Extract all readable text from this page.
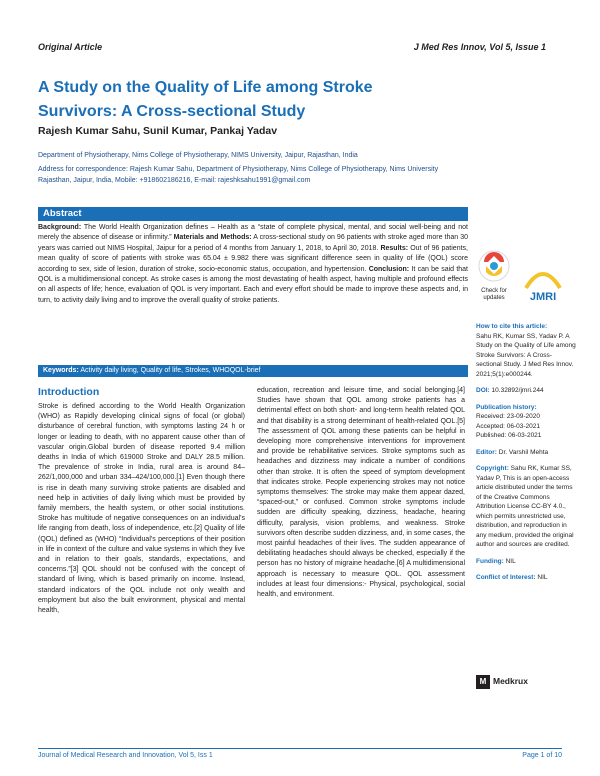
Original Article	J Med Res Innov, Vol 5, Issue 1
A Study on the Quality of Life among Stroke Survivors: A Cross-sectional Study
Rajesh Kumar Sahu, Sunil Kumar, Pankaj Yadav
Department of Physiotherapy, Nims College of Physiotherapy, NIMS University, Jaipur, Rajasthan, India
Address for correspondence: Rajesh Kumar Sahu, Department of Physiotherapy, Nims College of Physiotherapy, Nims University Rajasthan, Jaipur, India, Mobile: +918602186216, E-mail: rajeshksahu1991@gmail.com
Abstract
Background: The World Health Organization defines – Health as a “state of complete physical, mental, and social well-being and not merely the absence of disease or infirmity.” Materials and Methods: A cross-sectional study on 96 patients with stroke aged more than 30 years was carried out NIMS Hospital, Jaipur for a period of 4 months from January 1, 2018, to April 30, 2018. Results: Out of 96 patients, mean quality of score of patients with stroke was 65.04 ± 9.982 there was significant difference seen in quality of life (QOL) score according to sex, side of lesion, duration of stroke, socio-economic status, occupation, and hypertension. Conclusion: It can be said that QOL is a multidimensional concept. As stroke cases is among the most devastating of health aspect, having multiple and profound effects on all aspects of life; hence, evaluation of QOL is very important. Each and every effort should be made to improve these aspects and, in turn, to activity daily living and to improve the overall quality of stroke patients.
Keywords: Activity daily living, Quality of life, Strokes, WHOQOL-brief
Check for
updates JMRI
How to cite this article:
Sahu RK, Kumar SS, Yadav P. A Study on the Quality of Life among Stroke Survivors: A Cross-sectional Study. J Med Res Innov. 2021;5(1):e000244.
DOI: 10.32892/jmri.244
Publication history:
Received: 23-09-2020
Accepted: 06-03-2021
Published: 06-03-2021
Editor: Dr. Varshil Mehta
Copyright: Sahu RK, Kumar SS, Yadav P, This is an open-access article distributed under the terms of the Creative Commons Attribution License CC-BY 4.0., which permits unrestricted use, distribution, and reproduction in any medium, provided the original author and sources are credited.
Funding: NIL
Conflict of Interest: NIL
M Medkrux
Introduction
Stroke is defined according to the World Health Organization (WHO) as Rapidly developing clinical signs of focal (or global) disturbance of cerebral function, with symptoms lasting 24 h or longer or leading to death, with no apparent cause other than of vascular origin.Global burden of disease reported 9.4 million deaths in India of which 619000 Stroke and DALY 28.5 million. The prevalence of stroke in India, rural area is around 84–262/1,000,000 and urban 334–424/100,000.[1] Even though there is rise in death many surviving stroke patients are disabled and need help in activities of daily living which must be provided by family members, the health system, or other social institutions. Stroke has multitude of negative consequences on an individual’s life ranging from death, loss of independence, etc.[2] Quality of life (QOL) defined as (WHO) “Individual’s perceptions of their position in life in context of the culture and value systems in which they live and in relation to their goals, standards, expectations, and concerns.”[3] QOL should not be confused with the concept of standard of living, which is based primarily on income. Instead, standard indicators of the QOL include not only wealth and employment but also the built environment, physical and mental health,
education, recreation and leisure time, and social belonging.[4] Studies have shown that QOL among stroke patients has a detrimental effect on both short- and long-term health related QOL and that disability is a strong determinant of health-related QOL.[5] The assessment of QOL among these patients can be helpful in developing more comprehensive interventions for improvement and provide be rehabilitative services. Stroke symptoms such as headaches and dizziness may indicate a number of conditions other than stroke. It is often the speed of symptom development that indicates stroke. People experiencing strokes may not notice symptoms themselves: The stroke may make them appear dazed, “spaced-out,” or confused. Common stroke symptoms include sudden are difficulty speaking, dizziness, headache, hearing difficulty, paralysis, vision problems, and weakness. Stroke survivors often describe sudden dizziness, and, in some cases, the most painful headaches of their lives. The sudden appearance of debilitating headaches should always be checked, especially if the person has no history of migraine headache.[6] A multidimensional approach is necessary to measure QOL. QOL assessment includes at least four dimensions:- Physical, psychological, social health, and environment.
Journal of Medical Research and Innovation, Vol 5, Iss 1	Page 1 of 10
